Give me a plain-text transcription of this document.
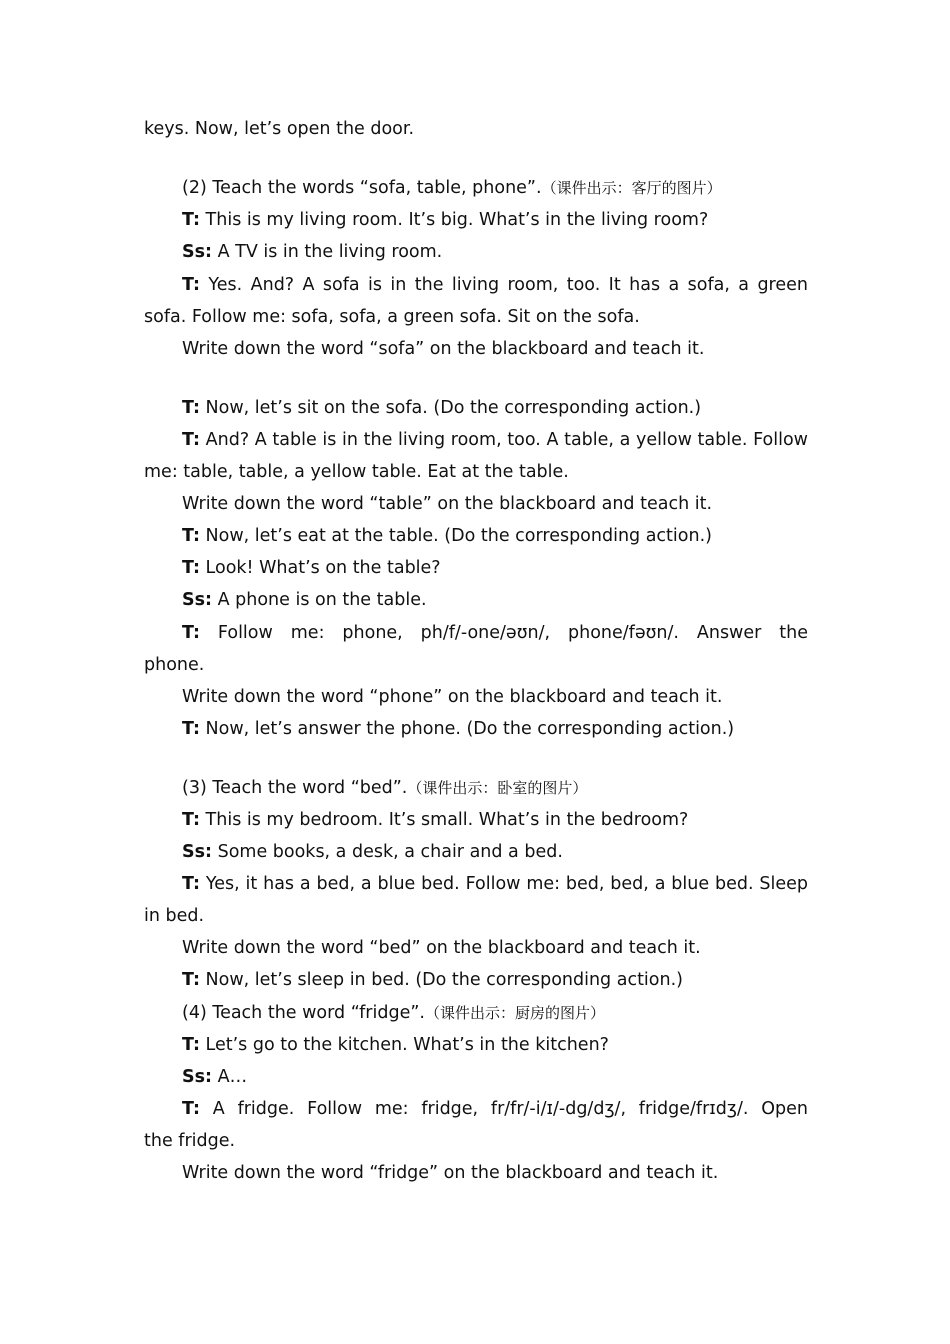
keys. Now, let’s open the door.
(2) Teach the words “sofa, table, phone”.（课件出示：客厅的图片）
T: This is my living room. It’s big. What’s in the living room?
Ss: A TV is in the living room.
T: Yes. And? A sofa is in the living room, too. It has a sofa, a green
sofa. Follow me: sofa, sofa, a green sofa. Sit on the sofa.
Write down the word “sofa” on the blackboard and teach it.
T: Now, let’s sit on the sofa. (Do the corresponding action.)
T: And? A table is in the living room, too. A table, a yellow table. Follow
me: table, table, a yellow table. Eat at the table.
Write down the word “table” on the blackboard and teach it.
T: Now, let’s eat at the table. (Do the corresponding action.)
T: Look! What’s on the table?
Ss: A phone is on the table.
T: Follow me: phone, ph/f/-one/əʊn/, phone/fəʊn/. Answer the
phone.
Write down the word “phone” on the blackboard and teach it.
T: Now, let’s answer the phone. (Do the corresponding action.)
(3) Teach the word “bed”.（课件出示：卧室的图片）
T: This is my bedroom. It’s small. What’s in the bedroom?
Ss: Some books, a desk, a chair and a bed.
T: Yes, it has a bed, a blue bed. Follow me: bed, bed, a blue bed. Sleep
in bed.
Write down the word “bed” on the blackboard and teach it.
T: Now, let’s sleep in bed. (Do the corresponding action.)
(4) Teach the word “fridge”.（课件出示：厨房的图片）
T: Let’s go to the kitchen. What’s in the kitchen?
Ss: A…
T: A fridge. Follow me: fridge, fr/fr/-i/ɪ/-dg/dʒ/, fridge/frɪdʒ/. Open
the fridge.
Write down the word “fridge” on the blackboard and teach it.
